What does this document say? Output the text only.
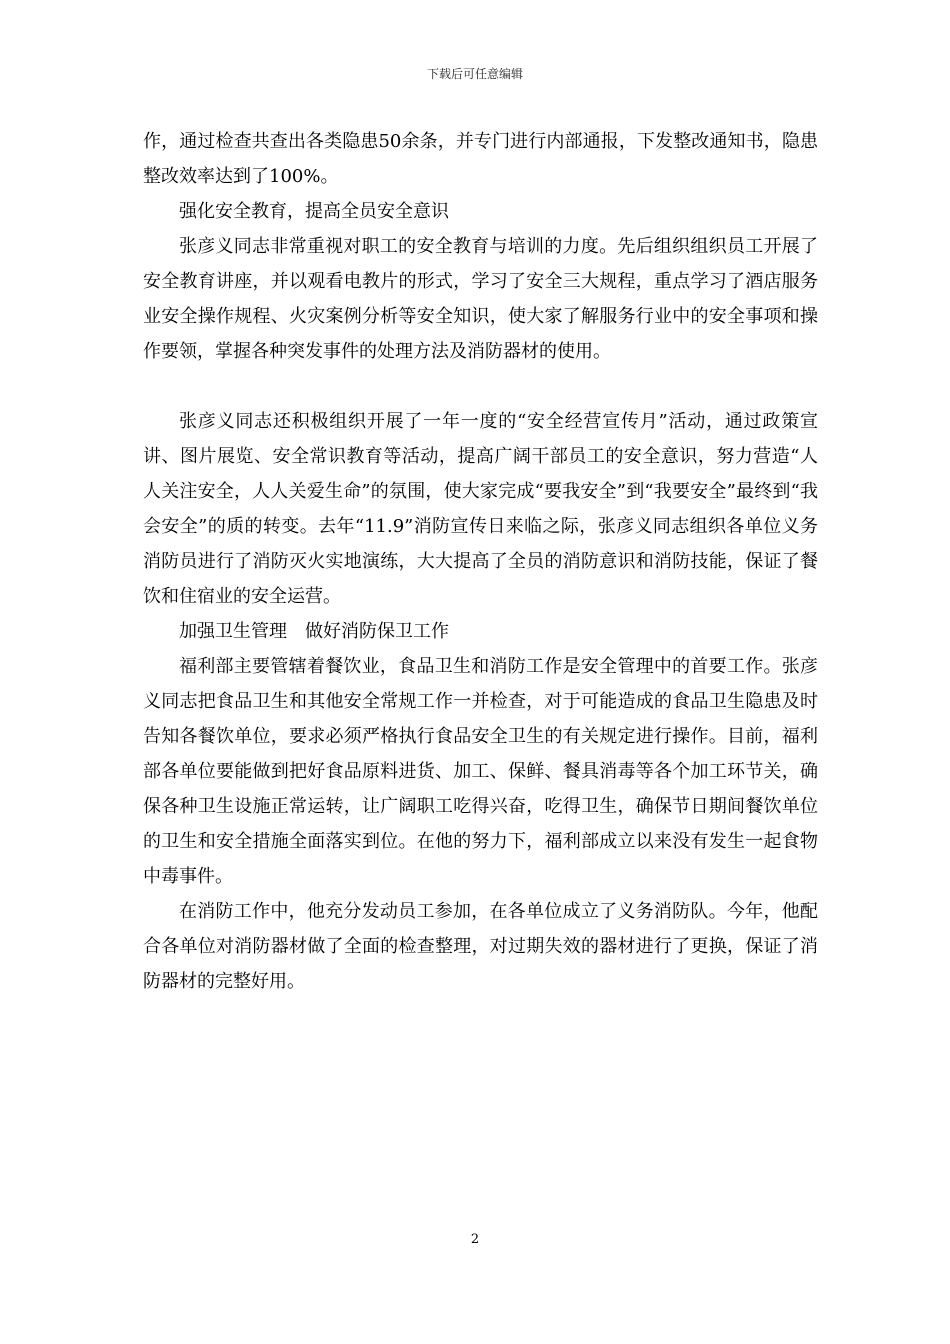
下载后可任意编辑

作，通过检查共查出各类隐患50余条，并专门进行内部通报，下发整改通知书，隐患整改效率达到了100%。

强化安全教育，提高全员安全意识

张彦义同志非常重视对职工的安全教育与培训的力度。先后组织组织员工开展了安全教育讲座，并以观看电教片的形式，学习了安全三大规程，重点学习了酒店服务业安全操作规程、火灾案例分析等安全知识，使大家了解服务行业中的安全事项和操作要领，掌握各种突发事件的处理方法及消防器材的使用。

张彦义同志还积极组织开展了一年一度的“安全经营宣传月”活动，通过政策宣讲、图片展览、安全常识教育等活动，提高广阔干部员工的安全意识，努力营造“人人关注安全，人人关爱生命”的氛围，使大家完成“要我安全”到“我要安全”最终到“我会安全”的质的转变。去年“11.9”消防宣传日来临之际，张彦义同志组织各单位义务消防员进行了消防灭火实地演练，大大提高了全员的消防意识和消防技能，保证了餐饮和住宿业的安全运营。

加强卫生管理　做好消防保卫工作

福利部主要管辖着餐饮业，食品卫生和消防工作是安全管理中的首要工作。张彦义同志把食品卫生和其他安全常规工作一并检查，对于可能造成的食品卫生隐患及时告知各餐饮单位，要求必须严格执行食品安全卫生的有关规定进行操作。目前，福利部各单位要能做到把好食品原料进货、加工、保鲜、餐具消毒等各个加工环节关，确保各种卫生设施正常运转，让广阔职工吃得兴奋，吃得卫生，确保节日期间餐饮单位的卫生和安全措施全面落实到位。在他的努力下，福利部成立以来没有发生一起食物中毒事件。

在消防工作中，他充分发动员工参加，在各单位成立了义务消防队。今年，他配合各单位对消防器材做了全面的检查整理，对过期失效的器材进行了更换，保证了消防器材的完整好用。

2
